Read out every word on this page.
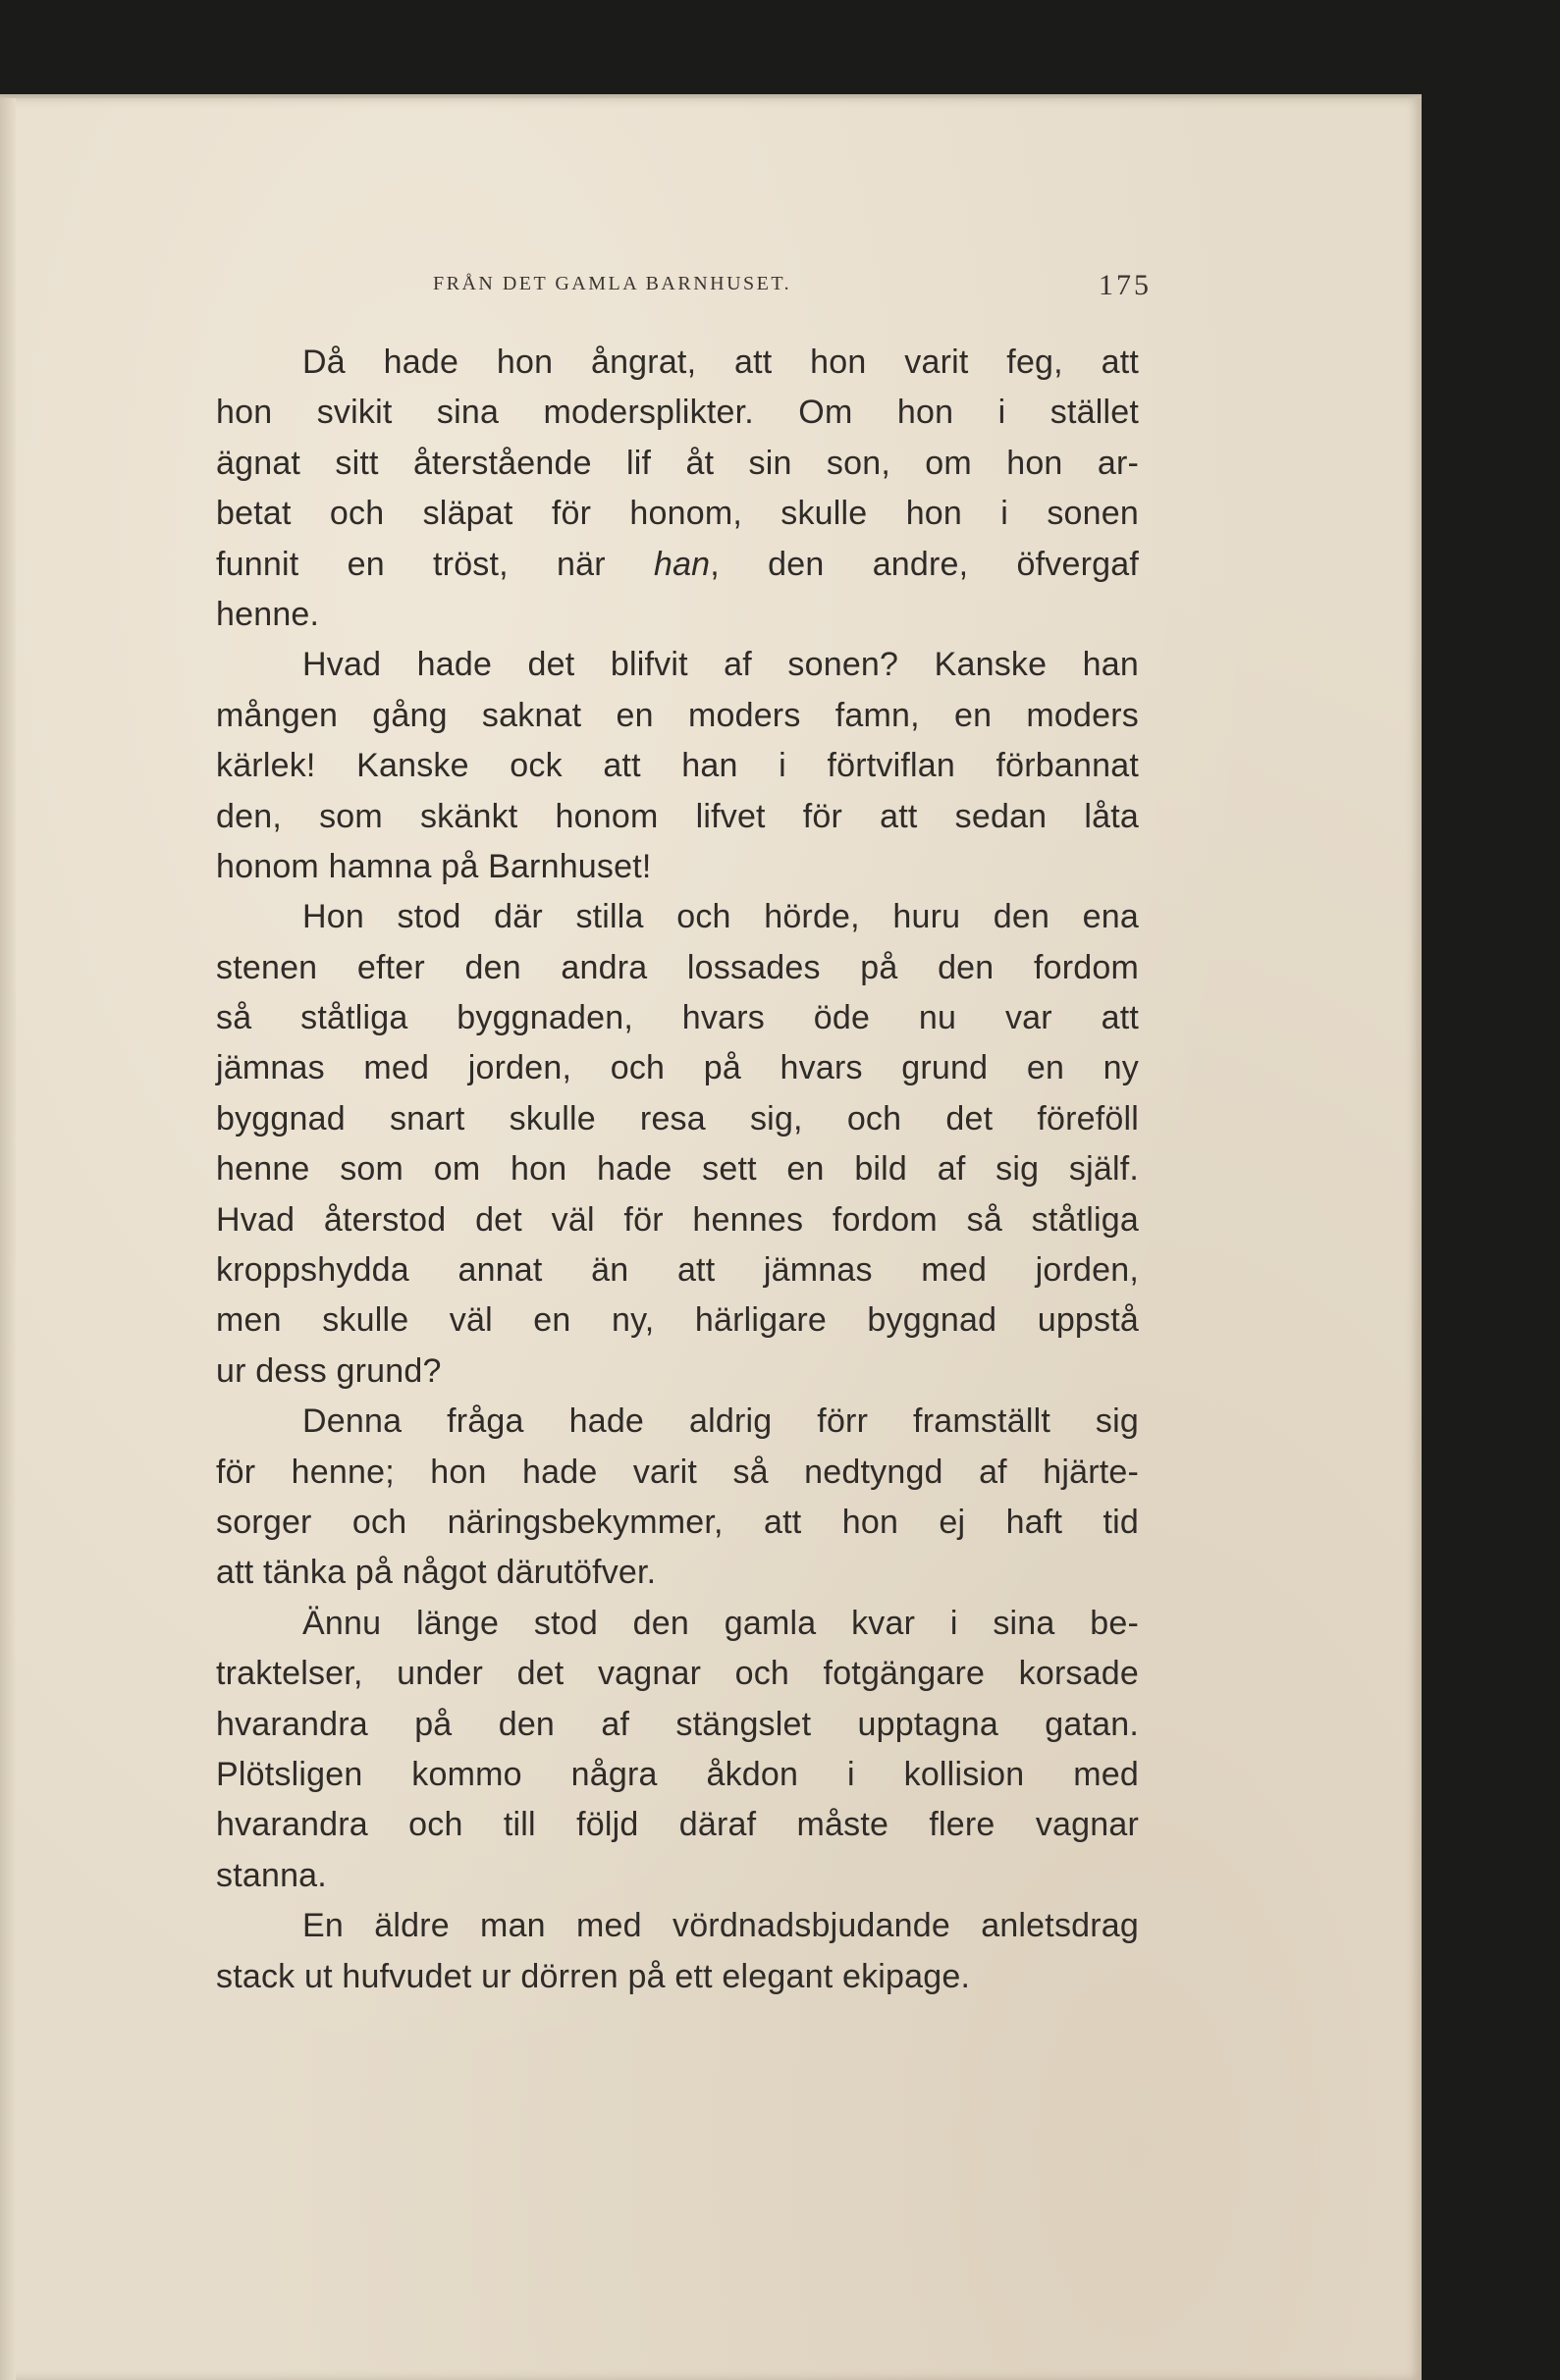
FRÅN DET GAMLA BARNHUSET.	175
Då hade hon ångrat, att hon varit feg, att
hon svikit sina modersplikter. Om hon i stället
ägnat sitt återstående lif åt sin son, om hon ar-
betat och släpat för honom, skulle hon i sonen
funnit en tröst, när han, den andre, öfvergaf
henne.
Hvad hade det blifvit af sonen? Kanske han
mången gång saknat en moders famn, en moders
kärlek! Kanske ock att han i förtviflan förbannat
den, som skänkt honom lifvet för att sedan låta
honom hamna på Barnhuset!
Hon stod där stilla och hörde, huru den ena
stenen efter den andra lossades på den fordom
så ståtliga byggnaden, hvars öde nu var att
jämnas med jorden, och på hvars grund en ny
byggnad snart skulle resa sig, och det föreföll
henne som om hon hade sett en bild af sig själf.
Hvad återstod det väl för hennes fordom så ståtliga
kroppshydda annat än att jämnas med jorden,
men skulle väl en ny, härligare byggnad uppstå
ur dess grund?
Denna fråga hade aldrig förr framställt sig
för henne; hon hade varit så nedtyngd af hjärte-
sorger och näringsbekymmer, att hon ej haft tid
att tänka på något därutöfver.
Ännu länge stod den gamla kvar i sina be-
traktelser, under det vagnar och fotgängare korsade
hvarandra på den af stängslet upptagna gatan.
Plötsligen kommo några åkdon i kollision med
hvarandra och till följd däraf måste flere vagnar
stanna.
En äldre man med vördnadsbjudande anletsdrag
stack ut hufvudet ur dörren på ett elegant ekipage.
